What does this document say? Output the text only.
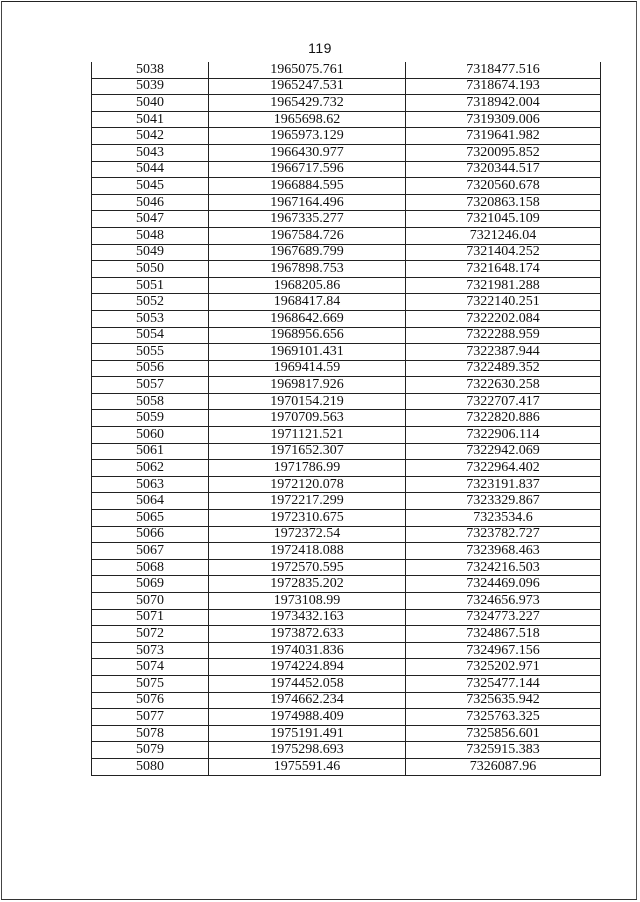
119
5038	1965075.761	7318477.516
5039	1965247.531	7318674.193
5040	1965429.732	7318942.004
5041	1965698.62	7319309.006
5042	1965973.129	7319641.982
5043	1966430.977	7320095.852
5044	1966717.596	7320344.517
5045	1966884.595	7320560.678
5046	1967164.496	7320863.158
5047	1967335.277	7321045.109
5048	1967584.726	7321246.04
5049	1967689.799	7321404.252
5050	1967898.753	7321648.174
5051	1968205.86	7321981.288
5052	1968417.84	7322140.251
5053	1968642.669	7322202.084
5054	1968956.656	7322288.959
5055	1969101.431	7322387.944
5056	1969414.59	7322489.352
5057	1969817.926	7322630.258
5058	1970154.219	7322707.417
5059	1970709.563	7322820.886
5060	1971121.521	7322906.114
5061	1971652.307	7322942.069
5062	1971786.99	7322964.402
5063	1972120.078	7323191.837
5064	1972217.299	7323329.867
5065	1972310.675	7323534.6
5066	1972372.54	7323782.727
5067	1972418.088	7323968.463
5068	1972570.595	7324216.503
5069	1972835.202	7324469.096
5070	1973108.99	7324656.973
5071	1973432.163	7324773.227
5072	1973872.633	7324867.518
5073	1974031.836	7324967.156
5074	1974224.894	7325202.971
5075	1974452.058	7325477.144
5076	1974662.234	7325635.942
5077	1974988.409	7325763.325
5078	1975191.491	7325856.601
5079	1975298.693	7325915.383
5080	1975591.46	7326087.96
